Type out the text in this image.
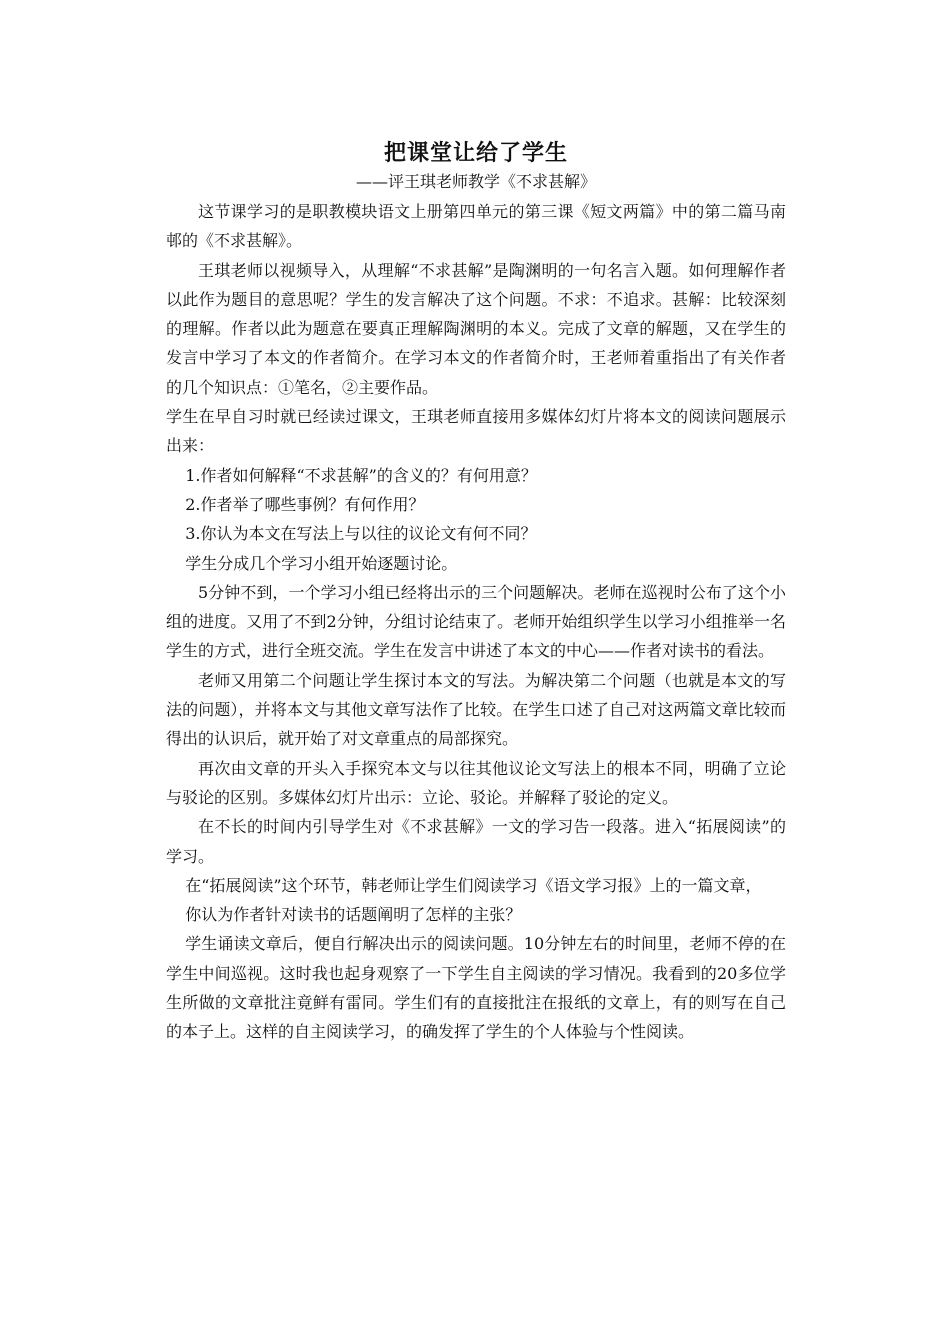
把课堂让给了学生

——评王琪老师教学《不求甚解》

这节课学习的是职教模块语文上册第四单元的第三课《短文两篇》中的第二篇马南邨的《不求甚解》。

王琪老师以视频导入，从理解“不求甚解”是陶渊明的一句名言入题。如何理解作者以此作为题目的意思呢？学生的发言解决了这个问题。不求：不追求。甚解：比较深刻的理解。作者以此为题意在要真正理解陶渊明的本义。完成了文章的解题，又在学生的发言中学习了本文的作者简介。在学习本文的作者简介时，王老师着重指出了有关作者的几个知识点：①笔名，②主要作品。

学生在早自习时就已经读过课文，王琪老师直接用多媒体幻灯片将本文的阅读问题展示出来：

1.作者如何解释“不求甚解”的含义的？有何用意？

2.作者举了哪些事例？有何作用？

3.你认为本文在写法上与以往的议论文有何不同？

学生分成几个学习小组开始逐题讨论。

5分钟不到，一个学习小组已经将出示的三个问题解决。老师在巡视时公布了这个小组的进度。又用了不到2分钟，分组讨论结束了。老师开始组织学生以学习小组推举一名学生的方式，进行全班交流。学生在发言中讲述了本文的中心——作者对读书的看法。

老师又用第二个问题让学生探讨本文的写法。为解决第二个问题（也就是本文的写法的问题），并将本文与其他文章写法作了比较。在学生口述了自己对这两篇文章比较而得出的认识后，就开始了对文章重点的局部探究。

再次由文章的开头入手探究本文与以往其他议论文写法上的根本不同，明确了立论与驳论的区别。多媒体幻灯片出示：立论、驳论。并解释了驳论的定义。

在不长的时间内引导学生对《不求甚解》一文的学习告一段落。进入“拓展阅读”的学习。

在“拓展阅读”这个环节，韩老师让学生们阅读学习《语文学习报》上的一篇文章，

你认为作者针对读书的话题阐明了怎样的主张？

学生诵读文章后，便自行解决出示的阅读问题。10分钟左右的时间里，老师不停的在学生中间巡视。这时我也起身观察了一下学生自主阅读的学习情况。我看到的20多位学生所做的文章批注竟鲜有雷同。学生们有的直接批注在报纸的文章上，有的则写在自己的本子上。这样的自主阅读学习，的确发挥了学生的个人体验与个性阅读。
